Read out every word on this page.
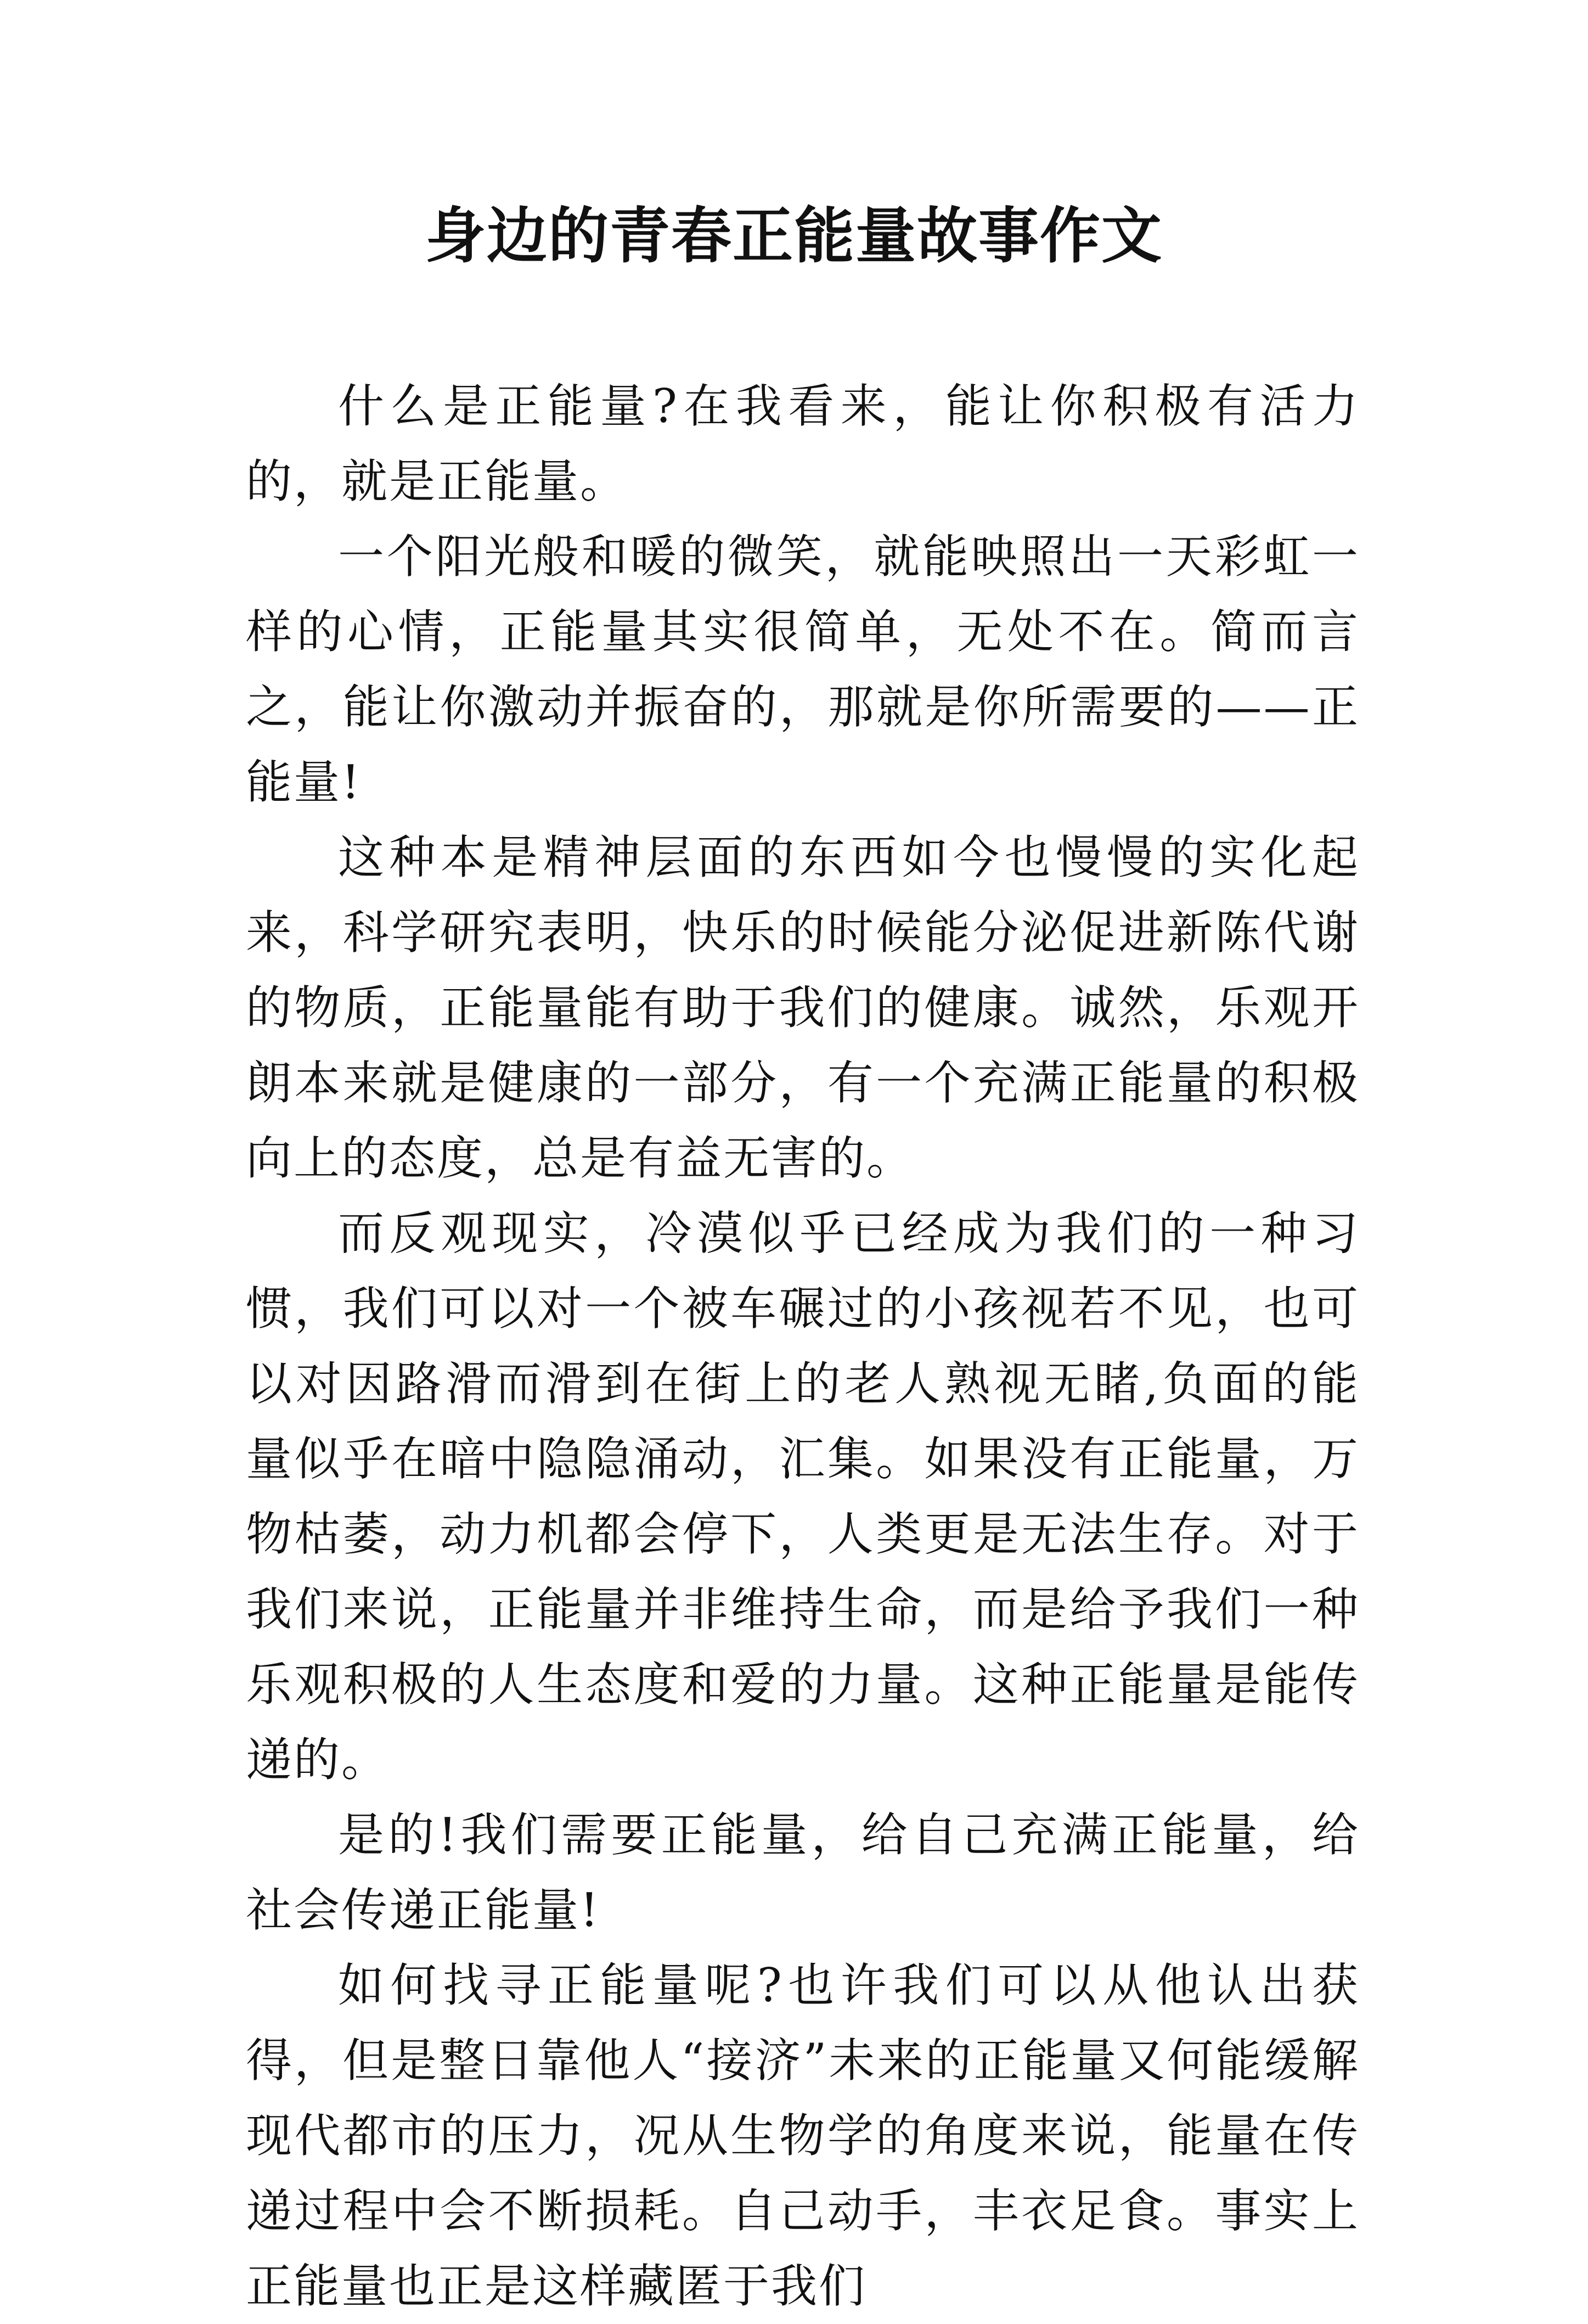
身边的青春正能量故事作文

什么是正能量?在我看来，能让你积极有活力的，就是正能量。

一个阳光般和暖的微笑，就能映照出一天彩虹一样的心情，正能量其实很简单，无处不在。简而言之，能让你激动并振奋的，那就是你所需要的——正能量!

这种本是精神层面的东西如今也慢慢的实化起来，科学研究表明，快乐的时候能分泌促进新陈代谢的物质，正能量能有助于我们的健康。诚然，乐观开朗本来就是健康的一部分，有一个充满正能量的积极向上的态度，总是有益无害的。

而反观现实，冷漠似乎已经成为我们的一种习惯，我们可以对一个被车碾过的小孩视若不见，也可以对因路滑而滑到在街上的老人熟视无睹,负面的能量似乎在暗中隐隐涌动，汇集。如果没有正能量，万物枯萎，动力机都会停下，人类更是无法生存。对于我们来说，正能量并非维持生命，而是给予我们一种乐观积极的人生态度和爱的力量。这种正能量是能传递的。

是的!我们需要正能量，给自己充满正能量，给社会传递正能量!

如何找寻正能量呢?也许我们可以从他认出获得，但是整日靠他人“接济”未来的正能量又何能缓解现代都市的压力，况从生物学的角度来说，能量在传递过程中会不断损耗。自己动手，丰衣足食。事实上正能量也正是这样藏匿于我们
